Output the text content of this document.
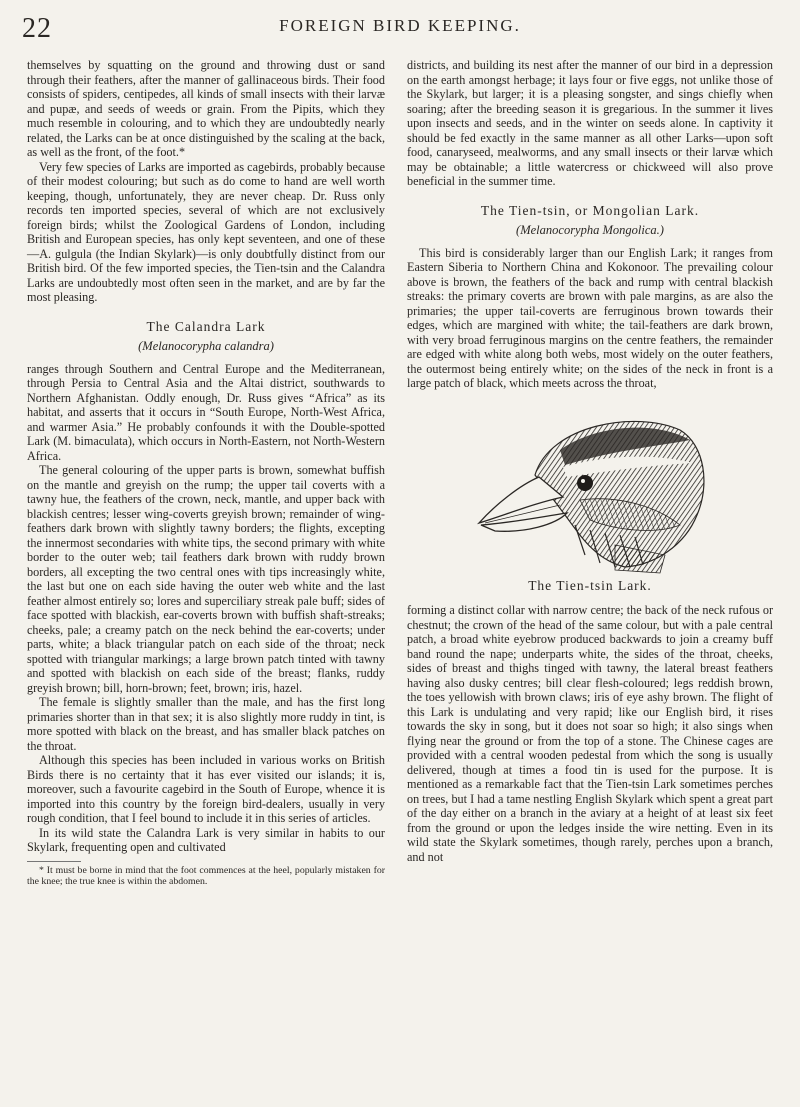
22	FOREIGN BIRD KEEPING.

themselves by squatting on the ground and throwing dust or sand through their feathers, after the manner of gallinaceous birds. Their food consists of spiders, centipedes, all kinds of small insects with their larvæ and pupæ, and seeds of weeds or grain. From the Pipits, which they much resemble in colouring, and to which they are undoubtedly nearly related, the Larks can be at once distinguished by the scaling at the back, as well as the front, of the foot.*

Very few species of Larks are imported as cagebirds, probably because of their modest colouring; but such as do come to hand are well worth keeping, though, unfortunately, they are never cheap. Dr. Russ only records ten imported species, several of which are not exclusively foreign birds; whilst the Zoological Gardens of London, including British and European species, has only kept seventeen, and one of these—A. gulgula (the Indian Skylark)—is only doubtfully distinct from our British bird. Of the few imported species, the Tien-tsin and the Calandra Larks are undoubtedly most often seen in the market, and are by far the most pleasing.

The Calandra Lark
(Melanocorypha calandra)

ranges through Southern and Central Europe and the Mediterranean, through Persia to Central Asia and the Altai district, southwards to Northern Afghanistan. Oddly enough, Dr. Russ gives “Africa” as its habitat, and asserts that it occurs in “South Europe, North-West Africa, and warmer Asia.” He probably confounds it with the Double-spotted Lark (M. bimaculata), which occurs in North-Eastern, not North-Western Africa.

The general colouring of the upper parts is brown, somewhat buffish on the mantle and greyish on the rump; the upper tail coverts with a tawny hue, the feathers of the crown, neck, mantle, and upper back with blackish centres; lesser wing-coverts greyish brown; remainder of wing-feathers dark brown with slightly tawny borders; the flights, excepting the innermost secondaries with white tips, the second primary with white border to the outer web; tail feathers dark brown with ruddy brown borders, all excepting the two central ones with tips increasingly white, the last but one on each side having the outer web white and the last feather almost entirely so; lores and superciliary streak pale buff; sides of face spotted with blackish, ear-coverts brown with buffish shaft-streaks; cheeks, pale; a creamy patch on the neck behind the ear-coverts; under parts, white; a black triangular patch on each side of the throat; neck spotted with triangular markings; a large brown patch tinted with tawny and spotted with blackish on each side of the breast; flanks, ruddy greyish brown; bill, horn-brown; feet, brown; iris, hazel.

The female is slightly smaller than the male, and has the first long primaries shorter than in that sex; it is also slightly more ruddy in tint, is more spotted with black on the breast, and has smaller black patches on the throat.

Although this species has been included in various works on British Birds there is no certainty that it has ever visited our islands; it is, moreover, such a favourite cagebird in the South of Europe, whence it is imported into this country by the foreign bird-dealers, usually in very rough condition, that I feel bound to include it in this series of articles.

In its wild state the Calandra Lark is very similar in habits to our Skylark, frequenting open and cultivated

* It must be borne in mind that the foot commences at the heel, popularly mistaken for the knee; the true knee is within the abdomen.

districts, and building its nest after the manner of our bird in a depression on the earth amongst herbage; it lays four or five eggs, not unlike those of the Skylark, but larger; it is a pleasing songster, and sings chiefly when soaring; after the breeding season it is gregarious. In the summer it lives upon insects and seeds, and in the winter on seeds alone. In captivity it should be fed exactly in the same manner as all other Larks—upon soft food, canaryseed, mealworms, and any small insects or their larvæ which may be obtainable; a little watercress or chickweed will also prove beneficial in the summer time.

The Tien-tsin, or Mongolian Lark.
(Melanocorypha Mongolica.)

This bird is considerably larger than our English Lark; it ranges from Eastern Siberia to Northern China and Kokonoor. The prevailing colour above is brown, the feathers of the back and rump with central blackish streaks: the primary coverts are brown with pale margins, as are also the primaries; the upper tail-coverts are ferruginous brown towards their edges, which are margined with white; the tail-feathers are dark brown, with very broad ferruginous margins on the centre feathers, the remainder are edged with white along both webs, most widely on the outer feathers, the outermost being entirely white; on the sides of the neck in front is a large patch of black, which meets across the throat,

The Tien-tsin Lark.

forming a distinct collar with narrow centre; the back of the neck rufous or chestnut; the crown of the head of the same colour, but with a pale central patch, a broad white eyebrow produced backwards to join a creamy buff band round the nape; underparts white, the sides of the throat, cheeks, sides of breast and thighs tinged with tawny, the lateral breast feathers having also dusky centres; bill clear flesh-coloured; legs reddish brown, the toes yellowish with brown claws; iris of eye ashy brown. The flight of this Lark is undulating and very rapid; like our English bird, it rises towards the sky in song, but it does not soar so high; it also sings when flying near the ground or from the top of a stone. The Chinese cages are provided with a central wooden pedestal from which the song is usually delivered, though at times a food tin is used for the purpose. It is mentioned as a remarkable fact that the Tien-tsin Lark sometimes perches on trees, but I had a tame nestling English Skylark which spent a great part of the day either on a branch in the aviary at a height of at least six feet from the ground or upon the ledges inside the wire netting. Even in its wild state the Skylark sometimes, though rarely, perches upon a branch, and not
